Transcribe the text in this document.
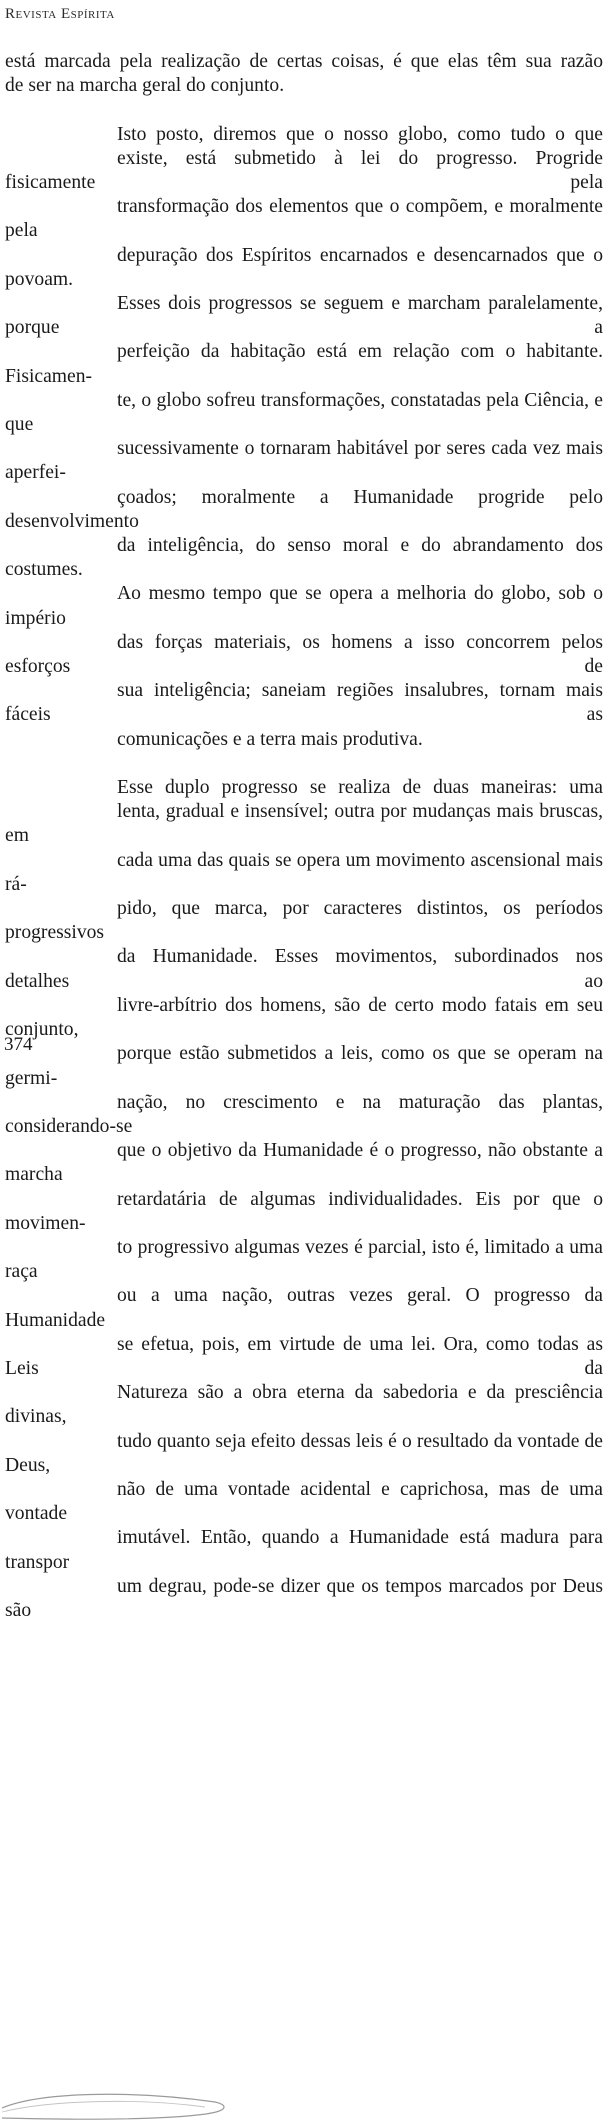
Revista Espírita

está marcada pela realização de certas coisas, é que elas têm sua razão
de ser na marcha geral do conjunto.

Isto posto, diremos que o nosso globo, como tudo o que
existe, está submetido à lei do progresso. Progride fisicamente pela
transformação dos elementos que o compõem, e moralmente pela
depuração dos Espíritos encarnados e desencarnados que o povoam.
Esses dois progressos se seguem e marcham paralelamente, porque a
perfeição da habitação está em relação com o habitante. Fisicamen-
te, o globo sofreu transformações, constatadas pela Ciência, e que
sucessivamente o tornaram habitável por seres cada vez mais aperfei-
çoados; moralmente a Humanidade progride pelo desenvolvimento
da inteligência, do senso moral e do abrandamento dos costumes.
Ao mesmo tempo que se opera a melhoria do globo, sob o império
das forças materiais, os homens a isso concorrem pelos esforços de
sua inteligência; saneiam regiões insalubres, tornam mais fáceis as
comunicações e a terra mais produtiva.

Esse duplo progresso se realiza de duas maneiras: uma
lenta, gradual e insensível; outra por mudanças mais bruscas, em
cada uma das quais se opera um movimento ascensional mais rá-
pido, que marca, por caracteres distintos, os períodos progressivos
da Humanidade. Esses movimentos, subordinados nos detalhes ao
livre-arbítrio dos homens, são de certo modo fatais em seu conjunto,
porque estão submetidos a leis, como os que se operam na germi-
nação, no crescimento e na maturação das plantas, considerando-se
que o objetivo da Humanidade é o progresso, não obstante a marcha
retardatária de algumas individualidades. Eis por que o movimen-
to progressivo algumas vezes é parcial, isto é, limitado a uma raça
ou a uma nação, outras vezes geral. O progresso da Humanidade
se efetua, pois, em virtude de uma lei. Ora, como todas as Leis da
Natureza são a obra eterna da sabedoria e da presciência divinas,
tudo quanto seja efeito dessas leis é o resultado da vontade de Deus,
não de uma vontade acidental e caprichosa, mas de uma vontade
imutável. Então, quando a Humanidade está madura para transpor
um degrau, pode-se dizer que os tempos marcados por Deus são

374
